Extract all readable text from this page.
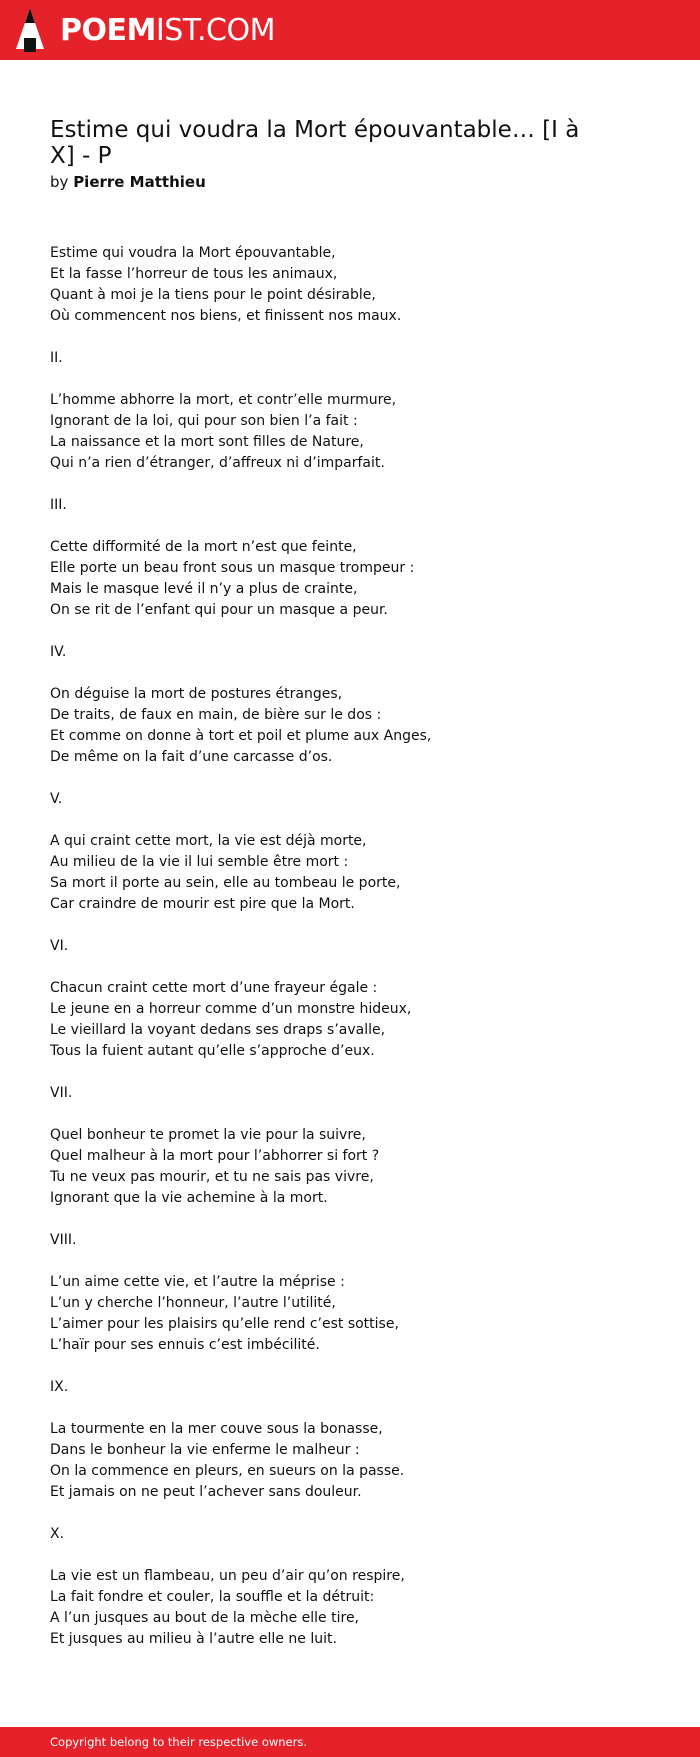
POEMIST.COM
Estime qui voudra la Mort épouvantable… [I à X] - P
by Pierre Matthieu
Estime qui voudra la Mort épouvantable,
Et la fasse l’horreur de tous les animaux,
Quant à moi je la tiens pour le point désirable,
Où commencent nos biens, et finissent nos maux.
II.
L’homme abhorre la mort, et contr’elle murmure,
Ignorant de la loi, qui pour son bien l’a fait :
La naissance et la mort sont filles de Nature,
Qui n’a rien d’étranger, d’affreux ni d’imparfait.
III.
Cette difformité de la mort n’est que feinte,
Elle porte un beau front sous un masque trompeur :
Mais le masque levé il n’y a plus de crainte,
On se rit de l’enfant qui pour un masque a peur.
IV.
On déguise la mort de postures étranges,
De traits, de faux en main, de bière sur le dos :
Et comme on donne à tort et poil et plume aux Anges,
De même on la fait d’une carcasse d’os.
V.
A qui craint cette mort, la vie est déjà morte,
Au milieu de la vie il lui semble être mort :
Sa mort il porte au sein, elle au tombeau le porte,
Car craindre de mourir est pire que la Mort.
VI.
Chacun craint cette mort d’une frayeur égale :
Le jeune en a horreur comme d’un monstre hideux,
Le vieillard la voyant dedans ses draps s’avalle,
Tous la fuient autant qu’elle s’approche d’eux.
VII.
Quel bonheur te promet la vie pour la suivre,
Quel malheur à la mort pour l’abhorrer si fort ?
Tu ne veux pas mourir, et tu ne sais pas vivre,
Ignorant que la vie achemine à la mort.
VIII.
L’un aime cette vie, et l’autre la méprise :
L’un y cherche l’honneur, l’autre l’utilité,
L’aimer pour les plaisirs qu’elle rend c’est sottise,
L’haïr pour ses ennuis c’est imbécilité.
IX.
La tourmente en la mer couve sous la bonasse,
Dans le bonheur la vie enferme le malheur :
On la commence en pleurs, en sueurs on la passe.
Et jamais on ne peut l’achever sans douleur.
X.
La vie est un flambeau, un peu d’air qu’on respire,
La fait fondre et couler, la souffle et la détruit:
A l’un jusques au bout de la mèche elle tire,
Et jusques au milieu à l’autre elle ne luit.
Copyright belong to their respective owners.
